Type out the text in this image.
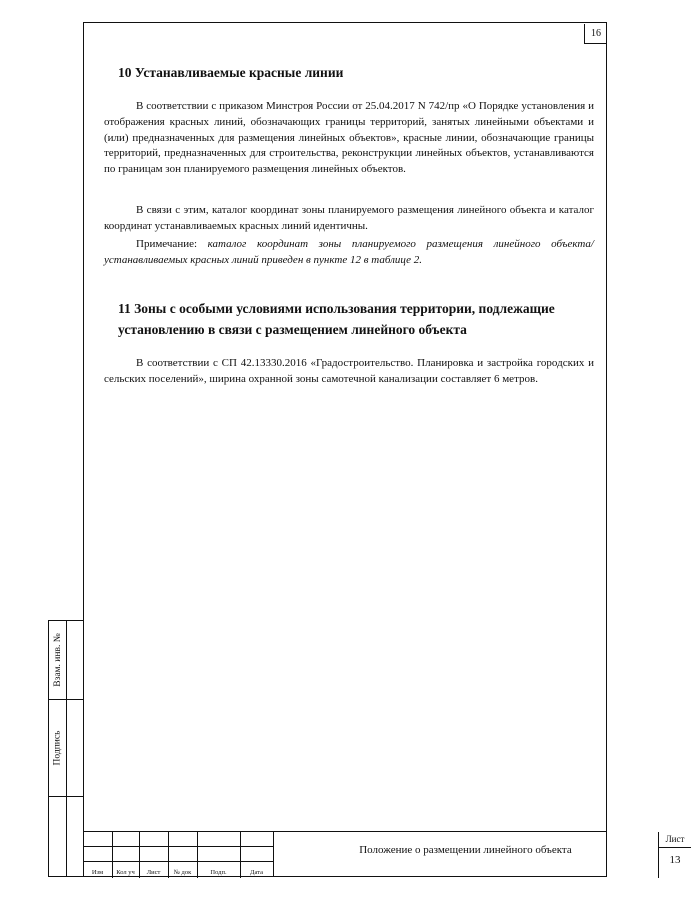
16
Взам. инв. №
Подпись
10 Устанавливаемые красные линии

В соответствии с приказом Минстроя России от 25.04.2017 N 742/пр «О Порядке установления и отображения красных линий, обозначающих границы территорий, занятых линейными объектами и (или) предназначенных для размещения линейных объектов», красные линии, обозначающие границы территорий, предназначенных для строительства, реконструкции линейных объектов, устанавливаются по границам зон планируемого размещения линейных объектов.

В связи с этим, каталог координат зоны планируемого размещения линейного объекта и каталог координат устанавливаемых красных линий идентичны.

Примечание: каталог координат зоны планируемого размещения линейного объекта/ устанавливаемых красных линий приведен в пункте 12 в таблице 2.

11 Зоны с особыми условиями использования территории, подлежащие установлению в связи с размещением линейного объекта

В соответствии с СП 42.13330.2016 «Градостроительство. Планировка и застройка городских и сельских поселений», ширина охранной зоны самотечной канализации составляет 6 метров.

Изм	Кол уч	Лист	№ док	Подп.	Дата
Положение о размещении линейного объекта
Лист
13
